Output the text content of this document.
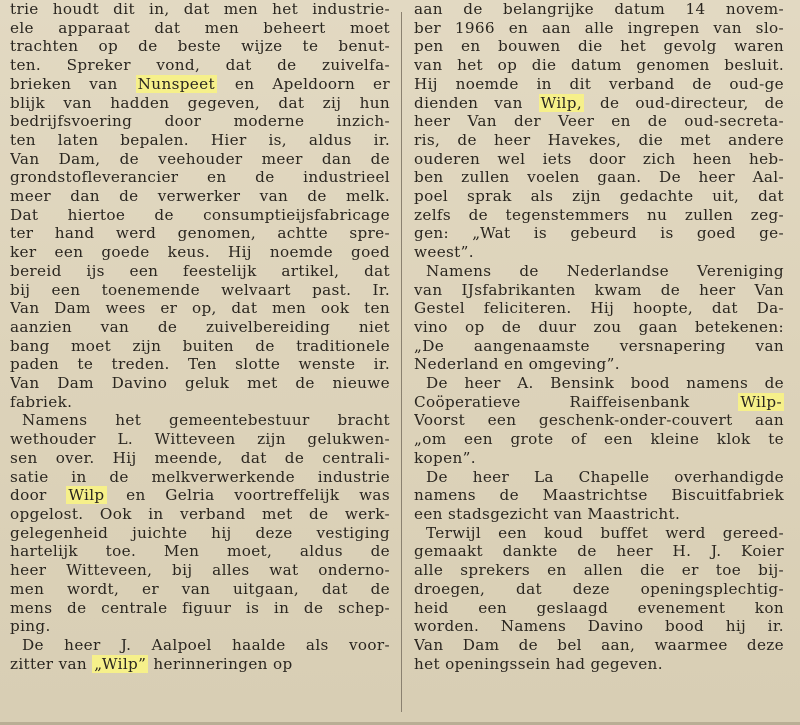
trie houdt dit in, dat men het industrie-
ele apparaat dat men beheert moet
trachten op de beste wijze te benut-
ten. Spreker vond, dat de zuivelfa-
brieken van Nunspeet en Apeldoorn er
blijk van hadden gegeven, dat zij hun
bedrijfsvoering door moderne inzich-
ten laten bepalen. Hier is, aldus ir.
Van Dam, de veehouder meer dan de
grondstofleverancier en de industrieel
meer dan de verwerker van de melk.
Dat hiertoe de consumptieijsfabricage
ter hand werd genomen, achtte spre-
ker een goede keus. Hij noemde goed
bereid ijs een feestelijk artikel, dat
bij een toenemende welvaart past. Ir.
Van Dam wees er op, dat men ook ten
aanzien van de zuivelbereiding niet
bang moet zijn buiten de traditionele
paden te treden. Ten slotte wenste ir.
Van Dam Davino geluk met de nieuwe
fabriek.
Namens het gemeentebestuur bracht
wethouder L. Witteveen zijn gelukwen-
sen over. Hij meende, dat de centrali-
satie in de melkverwerkende industrie
door Wilp en Gelria voortreffelijk was
opgelost. Ook in verband met de werk-
gelegenheid juichte hij deze vestiging
hartelijk toe. Men moet, aldus de
heer Witteveen, bij alles wat onderno-
men wordt, er van uitgaan, dat de
mens de centrale figuur is in de schep-
ping.
De heer J. Aalpoel haalde als voor-
zitter van „Wilp” herinneringen op
aan de belangrijke datum 14 novem-
ber 1966 en aan alle ingrepen van slo-
pen en bouwen die het gevolg waren
van het op die datum genomen besluit.
Hij noemde in dit verband de oud-ge
dienden van Wilp, de oud-directeur, de
heer Van der Veer en de oud-secreta-
ris, de heer Havekes, die met andere
ouderen wel iets door zich heen heb-
ben zullen voelen gaan. De heer Aal-
poel sprak als zijn gedachte uit, dat
zelfs de tegenstemmers nu zullen zeg-
gen: „Wat is gebeurd is goed ge-
weest”.
Namens de Nederlandse Vereniging
van IJsfabrikanten kwam de heer Van
Gestel feliciteren. Hij hoopte, dat Da-
vino op de duur zou gaan betekenen:
„De aangenaamste versnapering van
Nederland en omgeving”.
De heer A. Bensink bood namens de
Coöperatieve Raiffeisenbank Wilp-
Voorst een geschenk-onder-couvert aan
„om een grote of een kleine klok te
kopen”.
De heer La Chapelle overhandigde
namens de Maastrichtse Biscuitfabriek
een stadsgezicht van Maastricht.
Terwijl een koud buffet werd gereed-
gemaakt dankte de heer H. J. Koier
alle sprekers en allen die er toe bij-
droegen, dat deze openingsplechtig-
heid een geslaagd evenement kon
worden. Namens Davino bood hij ir.
Van Dam de bel aan, waarmee deze
het openingssein had gegeven.
